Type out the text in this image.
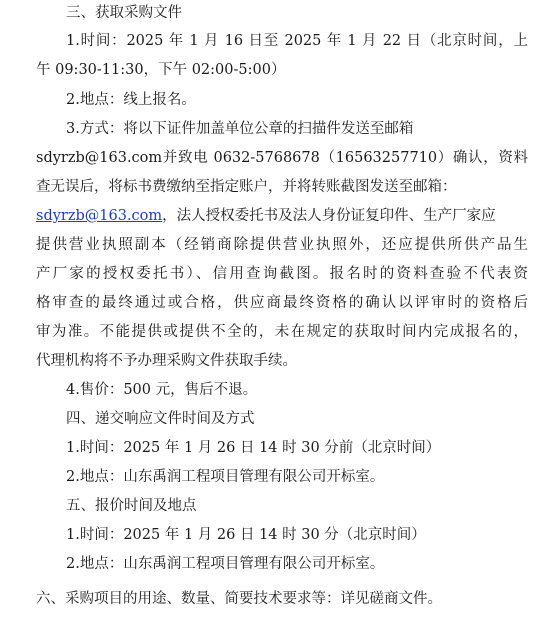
三、获取采购文件
1.时间：2025 年 1 月 16 日至 2025 年 1 月 22 日（北京时间，上
午 09:30-11:30，下午 02:00-5:00）
2.地点：线上报名。
3.方式：将以下证件加盖单位公章的扫描件发送至邮箱
sdyrzb@163.com并致电 0632-5768678（16563257710）确认，资料
查无误后，将标书费缴纳至指定账户，并将转账截图发送至邮箱：
sdyrzb@163.com，法人授权委托书及法人身份证复印件、生产厂家应
提供营业执照副本（经销商除提供营业执照外，还应提供所供产品生
产厂家的授权委托书）、信用查询截图。报名时的资料查验不代表资
格审查的最终通过或合格，供应商最终资格的确认以评审时的资格后
审为准。不能提供或提供不全的，未在规定的获取时间内完成报名的，
代理机构将不予办理采购文件获取手续。
4.售价：500 元，售后不退。
四、递交响应文件时间及方式
1.时间：2025 年 1 月 26 日 14 时 30 分前（北京时间）
2.地点：山东禹润工程项目管理有限公司开标室。
五、报价时间及地点
1.时间：2025 年 1 月 26 日 14 时 30 分（北京时间）
2.地点：山东禹润工程项目管理有限公司开标室。
六、采购项目的用途、数量、简要技术要求等：详见磋商文件。
